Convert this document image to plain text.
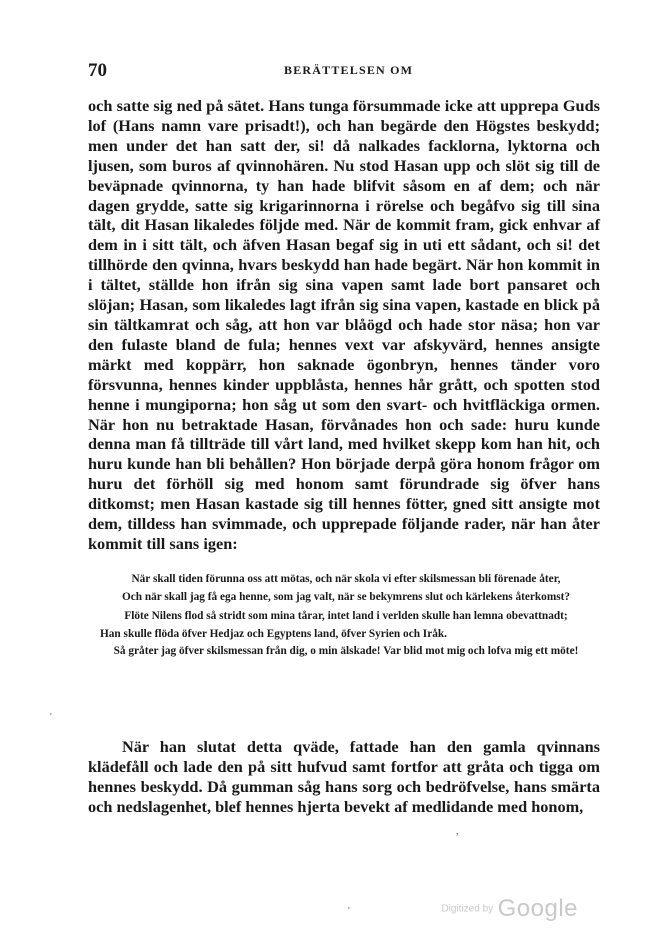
70	BERÄTTELSEN OM

och satte sig ned på sätet. Hans tunga försummade icke att upprepa Guds lof (Hans namn vare prisadt!), och han begärde den Högstes beskydd; men under det han satt der, si! då nalkades facklorna, lyktorna och ljusen, som buros af qvinnohären. Nu stod Hasan upp och slöt sig till de beväpnade qvinnorna, ty han hade blifvit såsom en af dem; och när dagen grydde, satte sig krigarinnorna i rörelse och begåfvo sig till sina tält, dit Hasan likaledes följde med. När de kommit fram, gick enhvar af dem in i sitt tält, och äfven Hasan begaf sig in uti ett sådant, och si! det tillhörde den qvinna, hvars beskydd han hade begärt. När hon kommit in i tältet, ställde hon ifrån sig sina vapen samt lade bort pansaret och slöjan; Hasan, som likaledes lagt ifrån sig sina vapen, kastade en blick på sin tältkamrat och såg, att hon var blåögd och hade stor näsa; hon var den fulaste bland de fula; hennes vext var afskyvärd, hennes ansigte märkt med koppärr, hon saknade ögonbryn, hennes tänder voro försvunna, hennes kinder uppblåsta, hennes hår grått, och spotten stod henne i mungiporna; hon såg ut som den svart- och hvitfläckiga ormen. När hon nu betraktade Hasan, förvånades hon och sade: huru kunde denna man få tillträde till vårt land, med hvilket skepp kom han hit, och huru kunde han bli behållen? Hon började derpå göra honom frågor om huru det förhöll sig med honom samt förundrade sig öfver hans ditkomst; men Hasan kastade sig till hennes fötter, gned sitt ansigte mot dem, tilldess han svimmade, och upprepade följande rader, när han åter kommit till sans igen:

När skall tiden förunna oss att mötas, och när skola vi efter skilsmessan bli förenade åter,

Och när skall jag få ega henne, som jag valt, när se bekymrens slut och kärlekens återkomst?

Flöte Nilens flod så stridt som mina tårar, intet land i verlden skulle han lemna obevattnadt;

Han skulle flöda öfver Hedjaz och Egyptens land, öfver Syrien och Iråk.

Så gråter jag öfver skilsmessan från dig, o min älskade! Var blid mot mig och lofva mig ett möte!

När han slutat detta qväde, fattade han den gamla qvinnans klädefåll och lade den på sitt hufvud samt fortfor att gråta och tigga om hennes beskydd. Då gumman såg hans sorg och bedröfvelse, hans smärta och nedslagenhet, blef hennes hjerta bevekt af medlidande med honom,

'
,
'	Digitized by Google
